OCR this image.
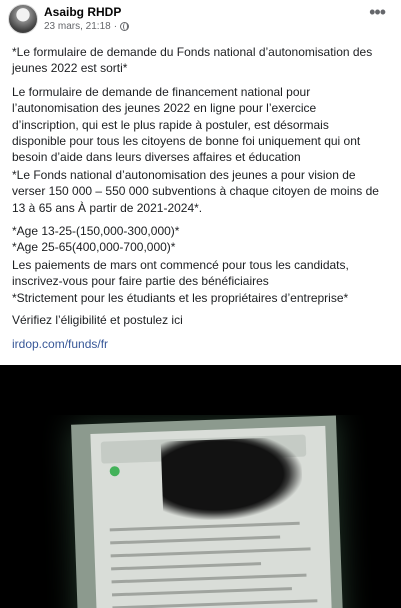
Asaibg RHDP
23 mars, 21:18 ·
•••
*Le formulaire de demande du Fonds national d’autonomisation des jeunes 2022 est sorti*
Le formulaire de demande de financement national pour l’autonomisation des jeunes 2022 en ligne pour l’exercice d’inscription, qui est le plus rapide à postuler, est désormais disponible pour tous les citoyens de bonne foi uniquement qui ont besoin d’aide dans leurs diverses affaires et éducation
*Le Fonds national d’autonomisation des jeunes a pour vision de verser 150 000 – 550 000 subventions à chaque citoyen de moins de 13 à 65 ans À partir de 2021-2024*.
*Age 13-25-(150,000-300,000)*
*Age 25-65(400,000-700,000)*
Les paiements de mars ont commencé pour tous les candidats, inscrivez-vous pour faire partie des bénéficiaires
*Strictement pour les étudiants et les propriétaires d’entreprise*
Vérifiez l’éligibilité et postulez ici
irdop.com/funds/fr
